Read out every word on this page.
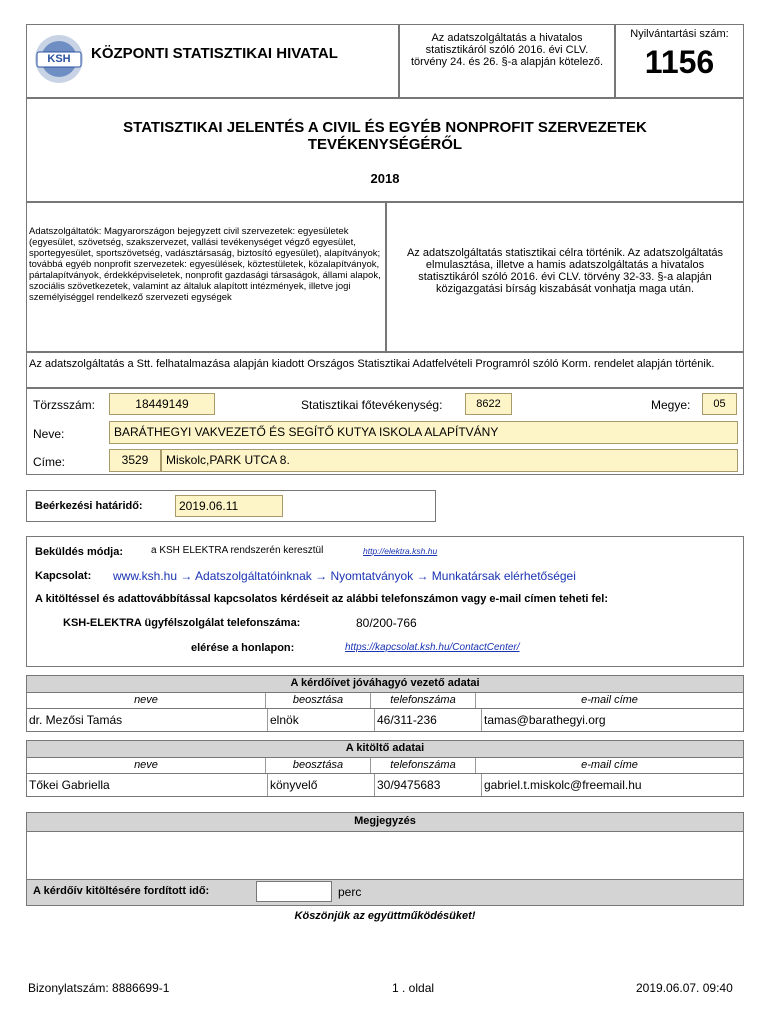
KSH	KÖZPONTI STATISZTIKAI HIVATAL
Az adatszolgáltatás a hivatalos statisztikáról szóló 2016. évi CLV. törvény 24. és 26. §-a alapján kötelező.
Nyilvántartási szám:
1156
STATISZTIKAI JELENTÉS A CIVIL ÉS EGYÉB NONPROFIT SZERVEZETEK
TEVÉKENYSÉGÉRŐL
2018
Adatszolgáltatók: Magyarországon bejegyzett civil szervezetek: egyesületek (egyesület, szövetség, szakszervezet, vallási tevékenységet végző egyesület, sportegyesület, sportszövetség, vadásztársaság, biztosító egyesület), alapítványok; továbbá egyéb nonprofit szervezetek: egyesülések, köztestületek, közalapítványok, pártalapítványok, érdekképviseletek, nonprofit gazdasági társaságok, állami alapok, szociális szövetkezetek, valamint az általuk alapított intézmények, illetve jogi személyiséggel rendelkező szervezeti egységek
Az adatszolgáltatás statisztikai célra történik. Az adatszolgáltatás elmulasztása, illetve a hamis adatszolgáltatás a hivatalos statisztikáról szóló 2016. évi CLV. törvény 32-33. §-a alapján közigazgatási bírság kiszabását vonhatja maga után.
Az adatszolgáltatás a Stt. felhatalmazása alapján kiadott Országos Statisztikai Adatfelvételi Programról szóló Korm. rendelet alapján történik.
Törzsszám:	18449149	Statisztikai főtevékenység:	8622	Megye:	05
Neve:	BARÁTHEGYI VAKVEZETŐ ÉS SEGÍTŐ KUTYA ISKOLA ALAPÍTVÁNY
Címe:	3529	Miskolc,PARK UTCA 8.
Beérkezési határidő:	2019.06.11
Beküldés módja:	a KSH ELEKTRA rendszerén keresztül	http://elektra.ksh.hu
Kapcsolat: www.ksh.hu → Adatszolgáltatóinknak → Nyomtatványok → Munkatársak elérhetőségei
A kitöltéssel és adattovábbítással kapcsolatos kérdéseit az alábbi telefonszámon vagy e-mail címen teheti fel:
KSH-ELEKTRA ügyfélszolgálat telefonszáma:	80/200-766
elérése a honlapon:	https://kapcsolat.ksh.hu/ContactCenter/
A kérdőívet jóváhagyó vezető adatai
neve	beosztása	telefonszáma	e-mail címe
dr. Mezősi Tamás	elnök	46/311-236	tamas@barathegyi.org
A kitöltő adatai
neve	beosztása	telefonszáma	e-mail címe
Tőkei Gabriella	könyvelő	30/9475683	gabriel.t.miskolc@freemail.hu
Megjegyzés
A kérdőív kitöltésére fordított idő:	perc
Köszönjük az együttműködésüket!
Bizonylatszám: 8886699-1	1 . oldal	2019.06.07. 09:40
